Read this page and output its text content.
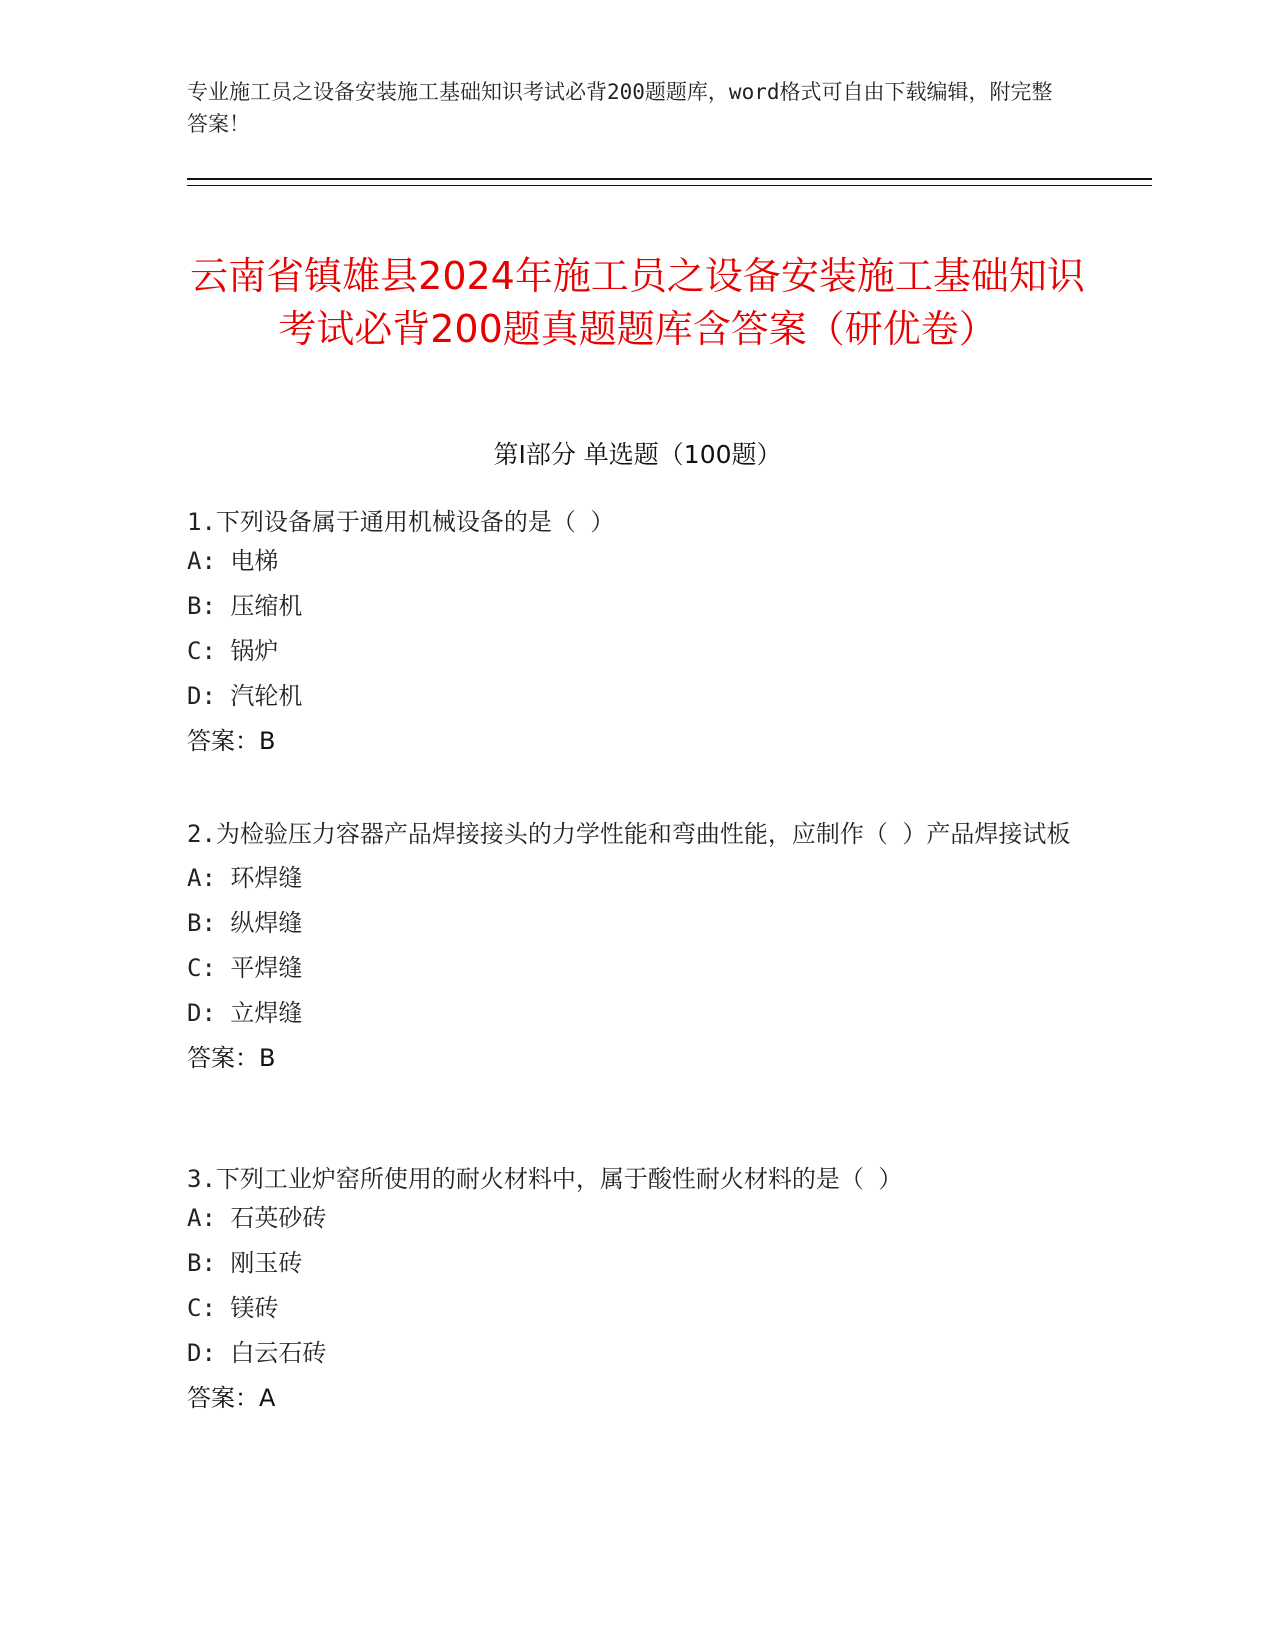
专业施工员之设备安装施工基础知识考试必背200题题库，word格式可自由下载编辑，附完整答案！
云南省镇雄县2024年施工员之设备安装施工基础知识考试必背200题真题题库含答案（研优卷）
第Ⅰ部分 单选题（100题）

1.下列设备属于通用机械设备的是（ ）

A: 电梯
B: 压缩机
C: 锅炉
D: 汽轮机
答案：B

2.为检验压力容器产品焊接接头的力学性能和弯曲性能，应制作（ ）产品焊接试板

A: 环焊缝
B: 纵焊缝
C: 平焊缝
D: 立焊缝
答案：B

3.下列工业炉窑所使用的耐火材料中，属于酸性耐火材料的是（ ）

A: 石英砂砖
B: 刚玉砖
C: 镁砖
D: 白云石砖
答案：A
